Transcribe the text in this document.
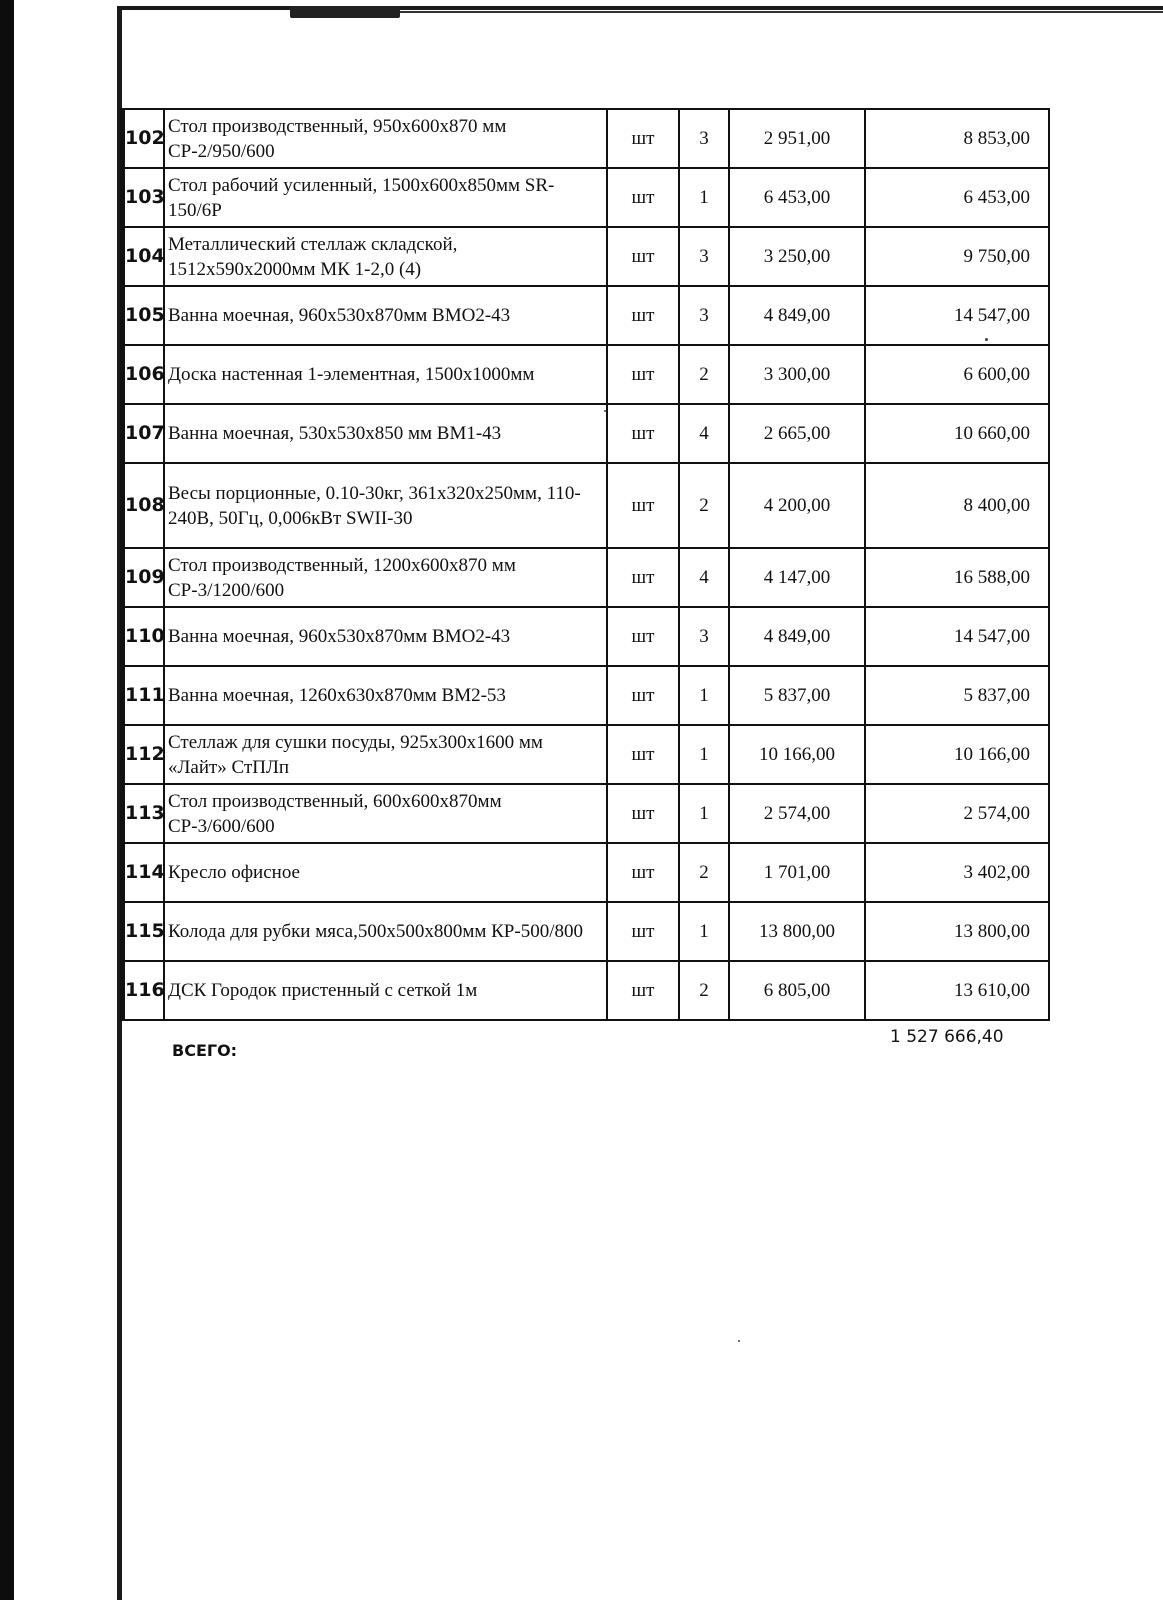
102	Стол производственный, 950х600х870 мм СР-2/950/600	шт	3	2 951,00	8 853,00
103	Стол рабочий усиленный, 1500х600х850мм SR-150/6P	шт	1	6 453,00	6 453,00
104	Металлический стеллаж складской, 1512х590х2000мм МК 1-2,0 (4)	шт	3	3 250,00	9 750,00
105	Ванна моечная, 960х530х870мм ВМО2-43	шт	3	4 849,00	14 547,00
106	Доска настенная 1-элементная, 1500х1000мм	шт	2	3 300,00	6 600,00
107	Ванна моечная, 530х530х850 мм ВМ1-43	шт	4	2 665,00	10 660,00
108	Весы порционные, 0.10-30кг, 361х320х250мм, 110-240В, 50Гц, 0,006кВт SWII-30	шт	2	4 200,00	8 400,00
109	Стол производственный, 1200х600х870 мм СР-3/1200/600	шт	4	4 147,00	16 588,00
110	Ванна моечная, 960х530х870мм ВМО2-43	шт	3	4 849,00	14 547,00
111	Ванна моечная, 1260х630х870мм ВМ2-53	шт	1	5 837,00	5 837,00
112	Стеллаж для сушки посуды, 925х300х1600 мм «Лайт» СтПЛп	шт	1	10 166,00	10 166,00
113	Стол производственный, 600х600х870мм СР-3/600/600	шт	1	2 574,00	2 574,00
114	Кресло офисное	шт	2	1 701,00	3 402,00
115	Колода для рубки мяса,500х500х800мм КР-500/800	шт	1	13 800,00	13 800,00
116	ДСК Городок пристенный с сеткой 1м	шт	2	6 805,00	13 610,00
ВСЕГО:
1 527 666,40
